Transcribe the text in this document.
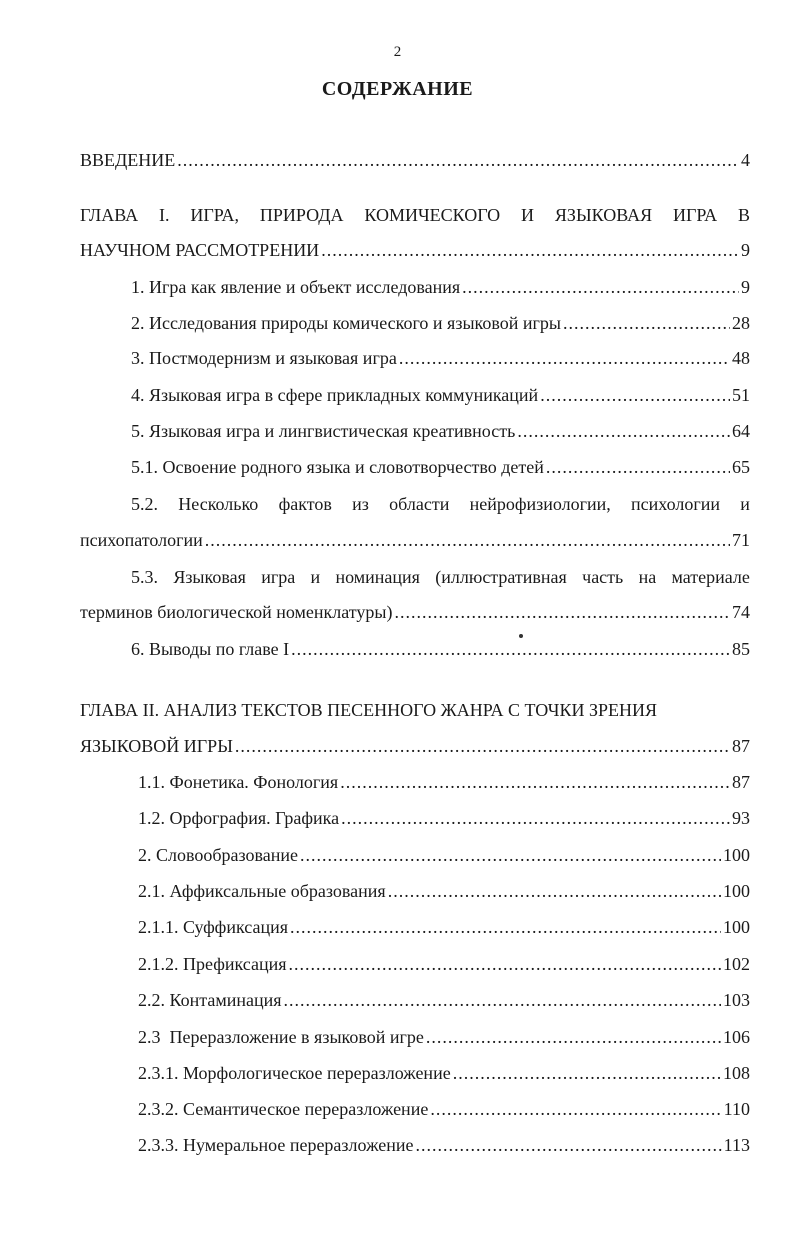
2
СОДЕРЖАНИЕ
ВВЕДЕНИЕ .....	4
ГЛАВА I. ИГРА, ПРИРОДА КОМИЧЕСКОГО И ЯЗЫКОВАЯ ИГРА В
НАУЧНОМ РАССМОТРЕНИИ .....	9
1. Игра как явление и объект исследования .....	9
2. Исследования природы комического и языковой игры .....	28
3. Постмодернизм и языковая игра .....	48
4. Языковая игра в сфере прикладных коммуникаций .....	51
5. Языковая игра и лингвистическая креативность .....	64
5.1. Освоение родного языка и словотворчество детей .....	65
5.2. Несколько фактов из области нейрофизиологии, психологии и
психопатологии .....	71
5.3. Языковая игра и номинация (иллюстративная часть на материале
терминов биологической номенклатуры) .....	74
6. Выводы по главе I .....	85
ГЛАВА II. АНАЛИЗ ТЕКСТОВ ПЕСЕННОГО ЖАНРА С ТОЧКИ ЗРЕНИЯ
ЯЗЫКОВОЙ ИГРЫ .....	87
1.1. Фонетика. Фонология .....	87
1.2. Орфография. Графика .....	93
2. Словообразование .....	100
2.1. Аффиксальные образования .....	100
2.1.1. Суффиксация .....	100
2.1.2. Префиксация .....	102
2.2. Контаминация .....	103
2.3  Переразложение в языковой игре .....	106
2.3.1. Морфологическое переразложение .....	108
2.3.2. Семантическое переразложение .....	110
2.3.3. Нумеральное переразложение .....	113
